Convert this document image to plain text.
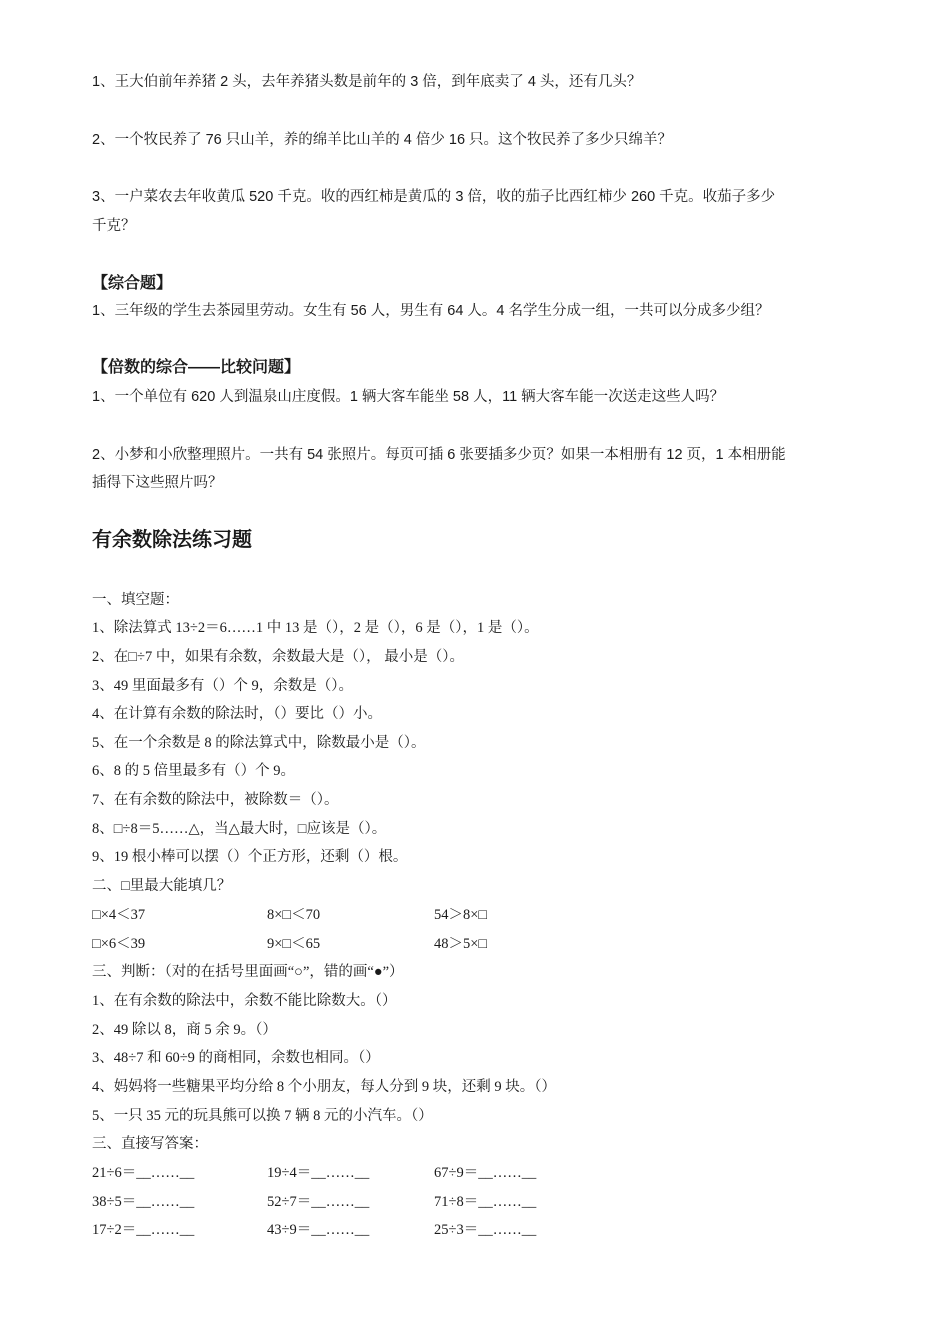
1、王大伯前年养猪 2 头，去年养猪头数是前年的 3 倍，到年底卖了 4 头，还有几头？
2、一个牧民养了 76 只山羊，养的绵羊比山羊的 4 倍少 16 只。这个牧民养了多少只绵羊？
3、一户菜农去年收黄瓜 520 千克。收的西红柿是黄瓜的 3 倍，收的茄子比西红柿少 260 千克。收茄子多少
千克？
【综合题】
1、三年级的学生去茶园里劳动。女生有 56 人，男生有 64 人。4 名学生分成一组，一共可以分成多少组？
【倍数的综合——比较问题】
1、一个单位有 620 人到温泉山庄度假。1 辆大客车能坐 58 人，11 辆大客车能一次送走这些人吗？
2、小梦和小欣整理照片。一共有 54 张照片。每页可插 6 张要插多少页？如果一本相册有 12 页，1 本相册能
插得下这些照片吗？
有余数除法练习题
一、填空题：
1、除法算式 13÷2＝6……1 中 13 是（），2 是（），6 是（），1 是（）。
2、在□÷7 中，如果有余数，余数最大是（）， 最小是（）。
3、49 里面最多有（）个 9，余数是（）。
4、在计算有余数的除法时，（）要比（）小。
5、在一个余数是 8 的除法算式中，除数最小是（）。
6、8 的 5 倍里最多有（）个 9。
7、在有余数的除法中，被除数＝（）。
8、□÷8＝5……△，当△最大时，□应该是（）。
9、19 根小棒可以摆（）个正方形，还剩（）根。
二、□里最大能填几？
□×4＜37	8×□＜70	54＞8×□
□×6＜39	9×□＜65	48＞5×□
三、判断：（对的在括号里面画“○”，错的画“●”）
1、在有余数的除法中，余数不能比除数大。（）
2、49 除以 8，商 5 余 9。（）
3、48÷7 和 60÷9 的商相同，余数也相同。（）
4、妈妈将一些糖果平均分给 8 个小朋友，每人分到 9 块，还剩 9 块。（）
5、一只 35 元的玩具熊可以换 7 辆 8 元的小汽车。（）
三、直接写答案：
21÷6＝__……__	19÷4＝__……__	67÷9＝__……__
38÷5＝__……__	52÷7＝__……__	71÷8＝__……__
17÷2＝__……__	43÷9＝__……__	25÷3＝__……__
